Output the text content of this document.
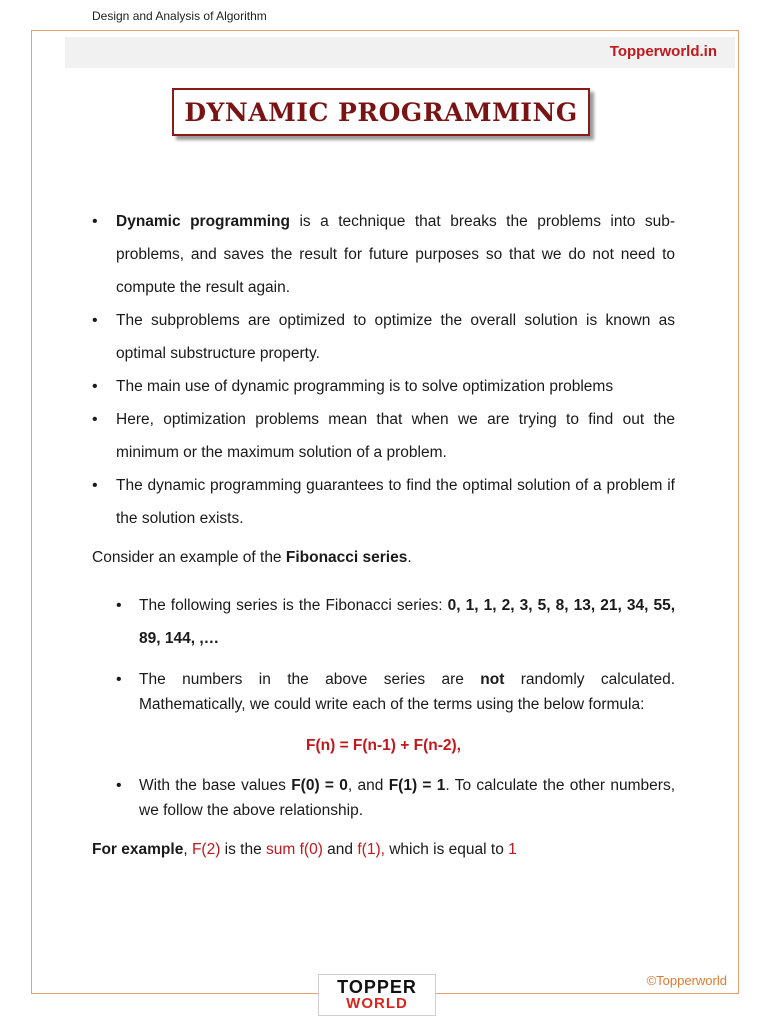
Design and Analysis of Algorithm
Topperworld.in
DYNAMIC PROGRAMMING
• Dynamic programming is a technique that breaks the problems into sub-problems, and saves the result for future purposes so that we do not need to compute the result again.
• The subproblems are optimized to optimize the overall solution is known as optimal substructure property.
• The main use of dynamic programming is to solve optimization problems
• Here, optimization problems mean that when we are trying to find out the minimum or the maximum solution of a problem.
• The dynamic programming guarantees to find the optimal solution of a problem if the solution exists.
Consider an example of the Fibonacci series.
• The following series is the Fibonacci series: 0, 1, 1, 2, 3, 5, 8, 13, 21, 34, 55, 89, 144, ,…
• The numbers in the above series are not randomly calculated. Mathematically, we could write each of the terms using the below formula:
F(n) = F(n-1) + F(n-2),
• With the base values F(0) = 0, and F(1) = 1. To calculate the other numbers, we follow the above relationship.
For example, F(2) is the sum f(0) and f(1), which is equal to 1
TOPPER
WORLD
©Topperworld
